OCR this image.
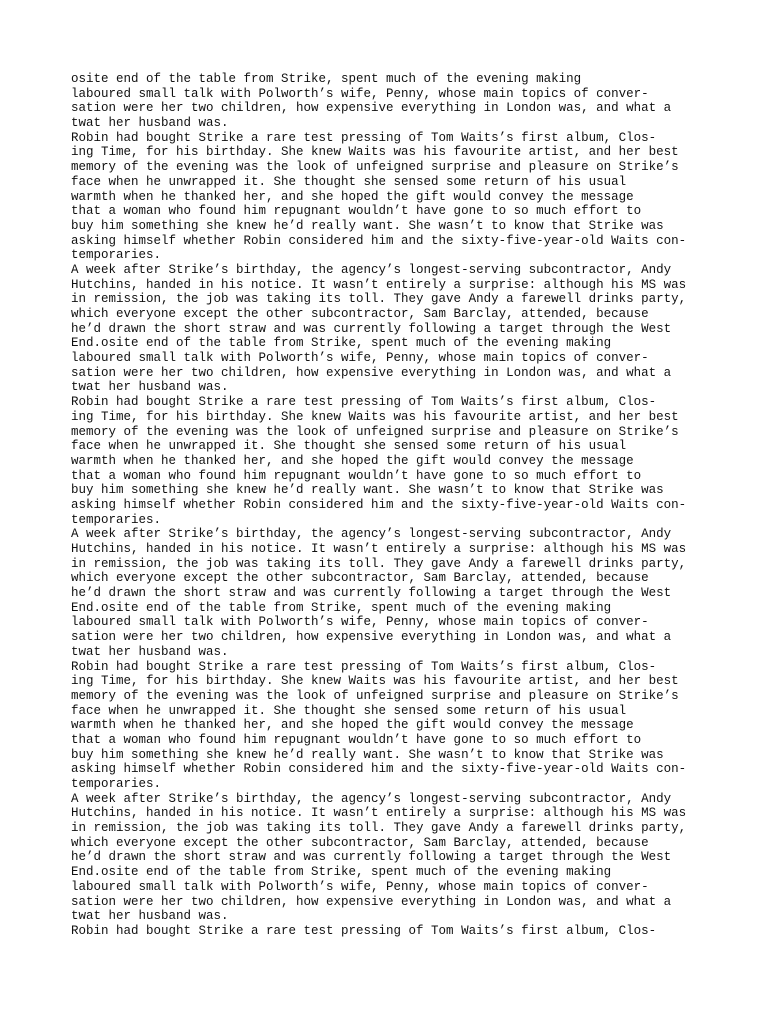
osite end of the table from Strike, spent much of the evening making
laboured small talk with Polworth’s wife, Penny, whose main topics of conver-
sation were her two children, how expensive everything in London was, and what a
twat her husband was.
Robin had bought Strike a rare test pressing of Tom Waits’s first album, Clos-
ing Time, for his birthday. She knew Waits was his favourite artist, and her best
memory of the evening was the look of unfeigned surprise and pleasure on Strike’s
face when he unwrapped it. She thought she sensed some return of his usual
warmth when he thanked her, and she hoped the gift would convey the message
that a woman who found him repugnant wouldn’t have gone to so much effort to
buy him something she knew he’d really want. She wasn’t to know that Strike was
asking himself whether Robin considered him and the sixty-five-year-old Waits con-
temporaries.
A week after Strike’s birthday, the agency’s longest-serving subcontractor, Andy
Hutchins, handed in his notice. It wasn’t entirely a surprise: although his MS was
in remission, the job was taking its toll. They gave Andy a farewell drinks party,
which everyone except the other subcontractor, Sam Barclay, attended, because
he’d drawn the short straw and was currently following a target through the West
End.osite end of the table from Strike, spent much of the evening making
laboured small talk with Polworth’s wife, Penny, whose main topics of conver-
sation were her two children, how expensive everything in London was, and what a
twat her husband was.
Robin had bought Strike a rare test pressing of Tom Waits’s first album, Clos-
ing Time, for his birthday. She knew Waits was his favourite artist, and her best
memory of the evening was the look of unfeigned surprise and pleasure on Strike’s
face when he unwrapped it. She thought she sensed some return of his usual
warmth when he thanked her, and she hoped the gift would convey the message
that a woman who found him repugnant wouldn’t have gone to so much effort to
buy him something she knew he’d really want. She wasn’t to know that Strike was
asking himself whether Robin considered him and the sixty-five-year-old Waits con-
temporaries.
A week after Strike’s birthday, the agency’s longest-serving subcontractor, Andy
Hutchins, handed in his notice. It wasn’t entirely a surprise: although his MS was
in remission, the job was taking its toll. They gave Andy a farewell drinks party,
which everyone except the other subcontractor, Sam Barclay, attended, because
he’d drawn the short straw and was currently following a target through the West
End.osite end of the table from Strike, spent much of the evening making
laboured small talk with Polworth’s wife, Penny, whose main topics of conver-
sation were her two children, how expensive everything in London was, and what a
twat her husband was.
Robin had bought Strike a rare test pressing of Tom Waits’s first album, Clos-
ing Time, for his birthday. She knew Waits was his favourite artist, and her best
memory of the evening was the look of unfeigned surprise and pleasure on Strike’s
face when he unwrapped it. She thought she sensed some return of his usual
warmth when he thanked her, and she hoped the gift would convey the message
that a woman who found him repugnant wouldn’t have gone to so much effort to
buy him something she knew he’d really want. She wasn’t to know that Strike was
asking himself whether Robin considered him and the sixty-five-year-old Waits con-
temporaries.
A week after Strike’s birthday, the agency’s longest-serving subcontractor, Andy
Hutchins, handed in his notice. It wasn’t entirely a surprise: although his MS was
in remission, the job was taking its toll. They gave Andy a farewell drinks party,
which everyone except the other subcontractor, Sam Barclay, attended, because
he’d drawn the short straw and was currently following a target through the West
End.osite end of the table from Strike, spent much of the evening making
laboured small talk with Polworth’s wife, Penny, whose main topics of conver-
sation were her two children, how expensive everything in London was, and what a
twat her husband was.
Robin had bought Strike a rare test pressing of Tom Waits’s first album, Clos-
